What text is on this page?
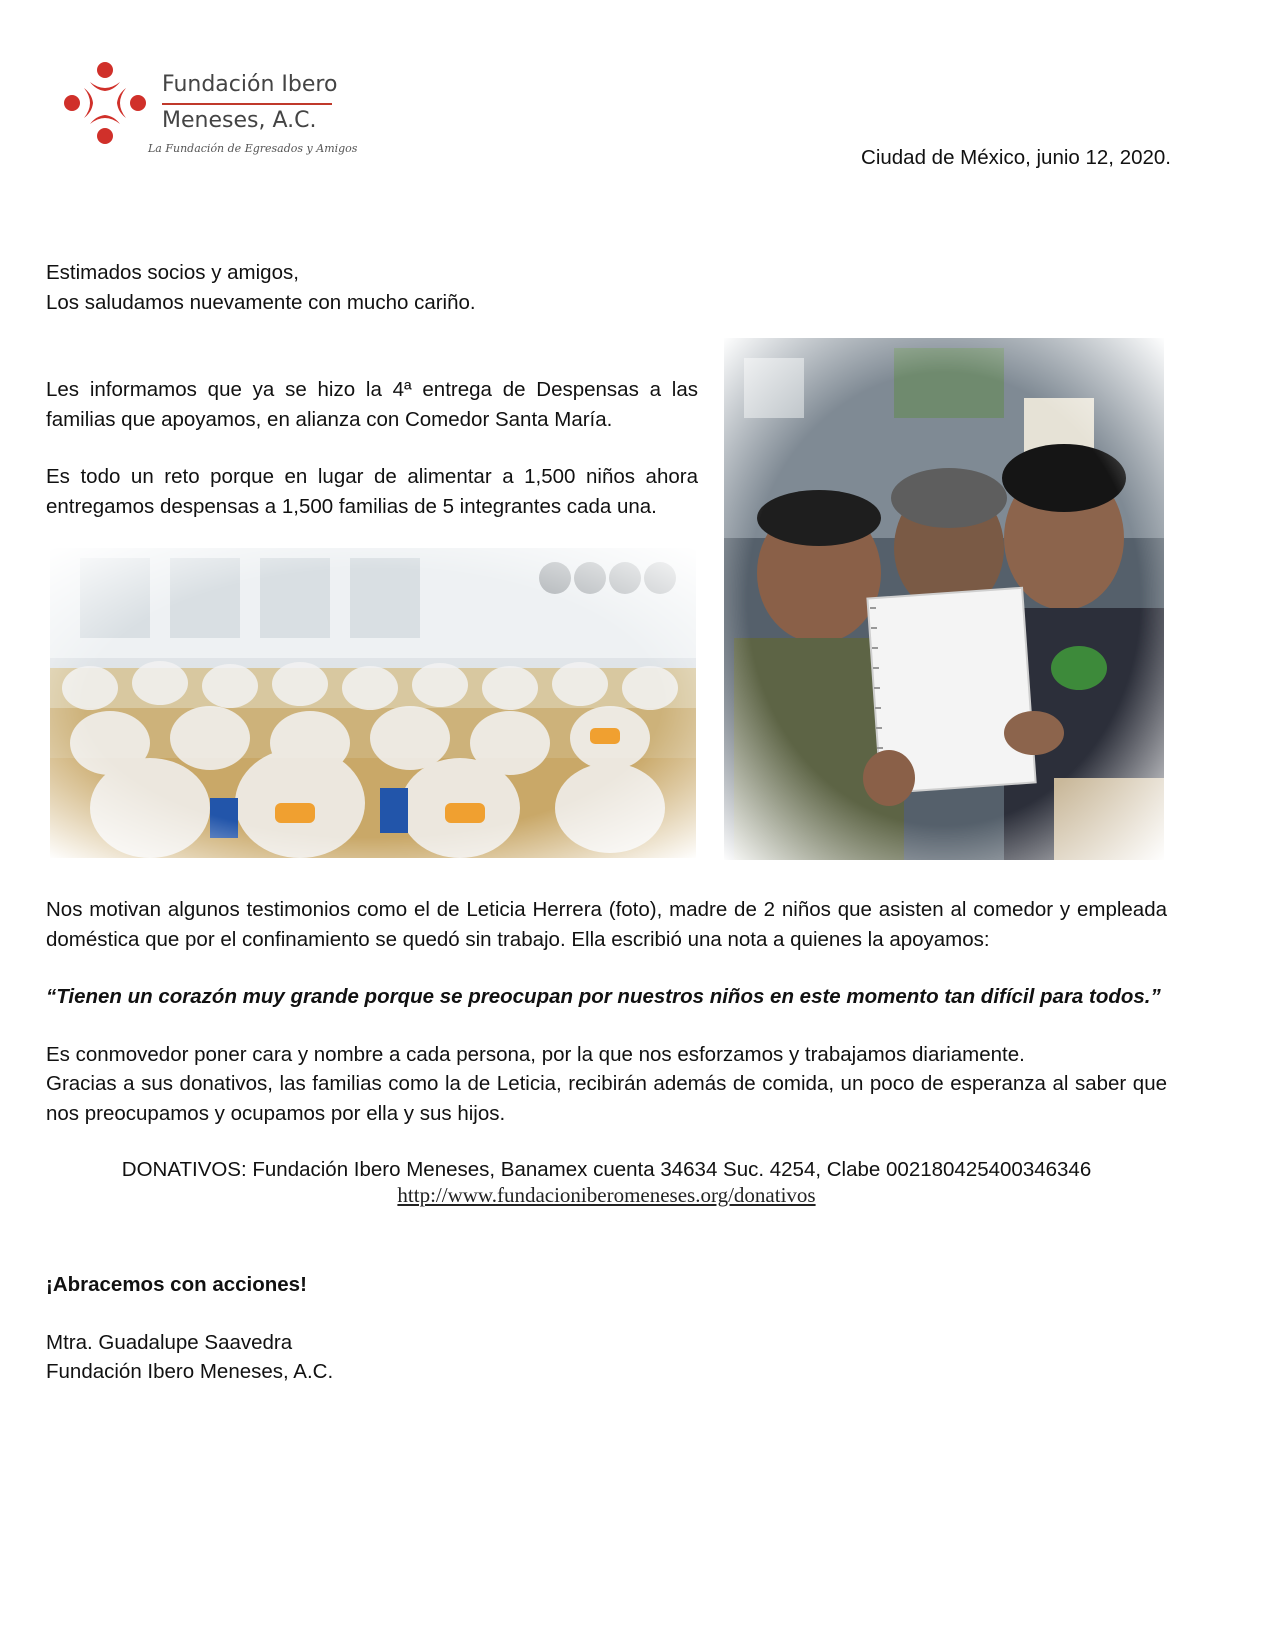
Fundación Ibero
Meneses, A.C.
La Fundación de Egresados y Amigos	Ciudad de México, junio 12, 2020.
Estimados socios y amigos,
Los saludamos nuevamente con mucho cariño.
Les informamos que ya se hizo la 4ª entrega de Despensas a las familias que apoyamos, en alianza con Comedor Santa María.
Es todo un reto porque en lugar de alimentar a 1,500 niños ahora entregamos despensas a 1,500 familias de 5 integrantes cada una.
Nos motivan algunos testimonios como el de Leticia Herrera (foto), madre de 2 niños que asisten al comedor y empleada doméstica que por el confinamiento se quedó sin trabajo. Ella escribió una nota a quienes la apoyamos:
“Tienen un corazón muy grande porque se preocupan por nuestros niños en este momento tan difícil para todos.”
Es conmovedor poner cara y nombre a cada persona, por la que nos esforzamos y trabajamos diariamente.
Gracias a sus donativos, las familias como la de Leticia, recibirán además de comida, un poco de esperanza al saber que nos preocupamos y ocupamos por ella y sus hijos.
DONATIVOS: Fundación Ibero Meneses, Banamex cuenta 34634 Suc. 4254, Clabe 002180425400346346
http://www.fundacioniberomeneses.org/donativos
¡Abracemos con acciones!
Mtra. Guadalupe Saavedra
Fundación Ibero Meneses, A.C.
